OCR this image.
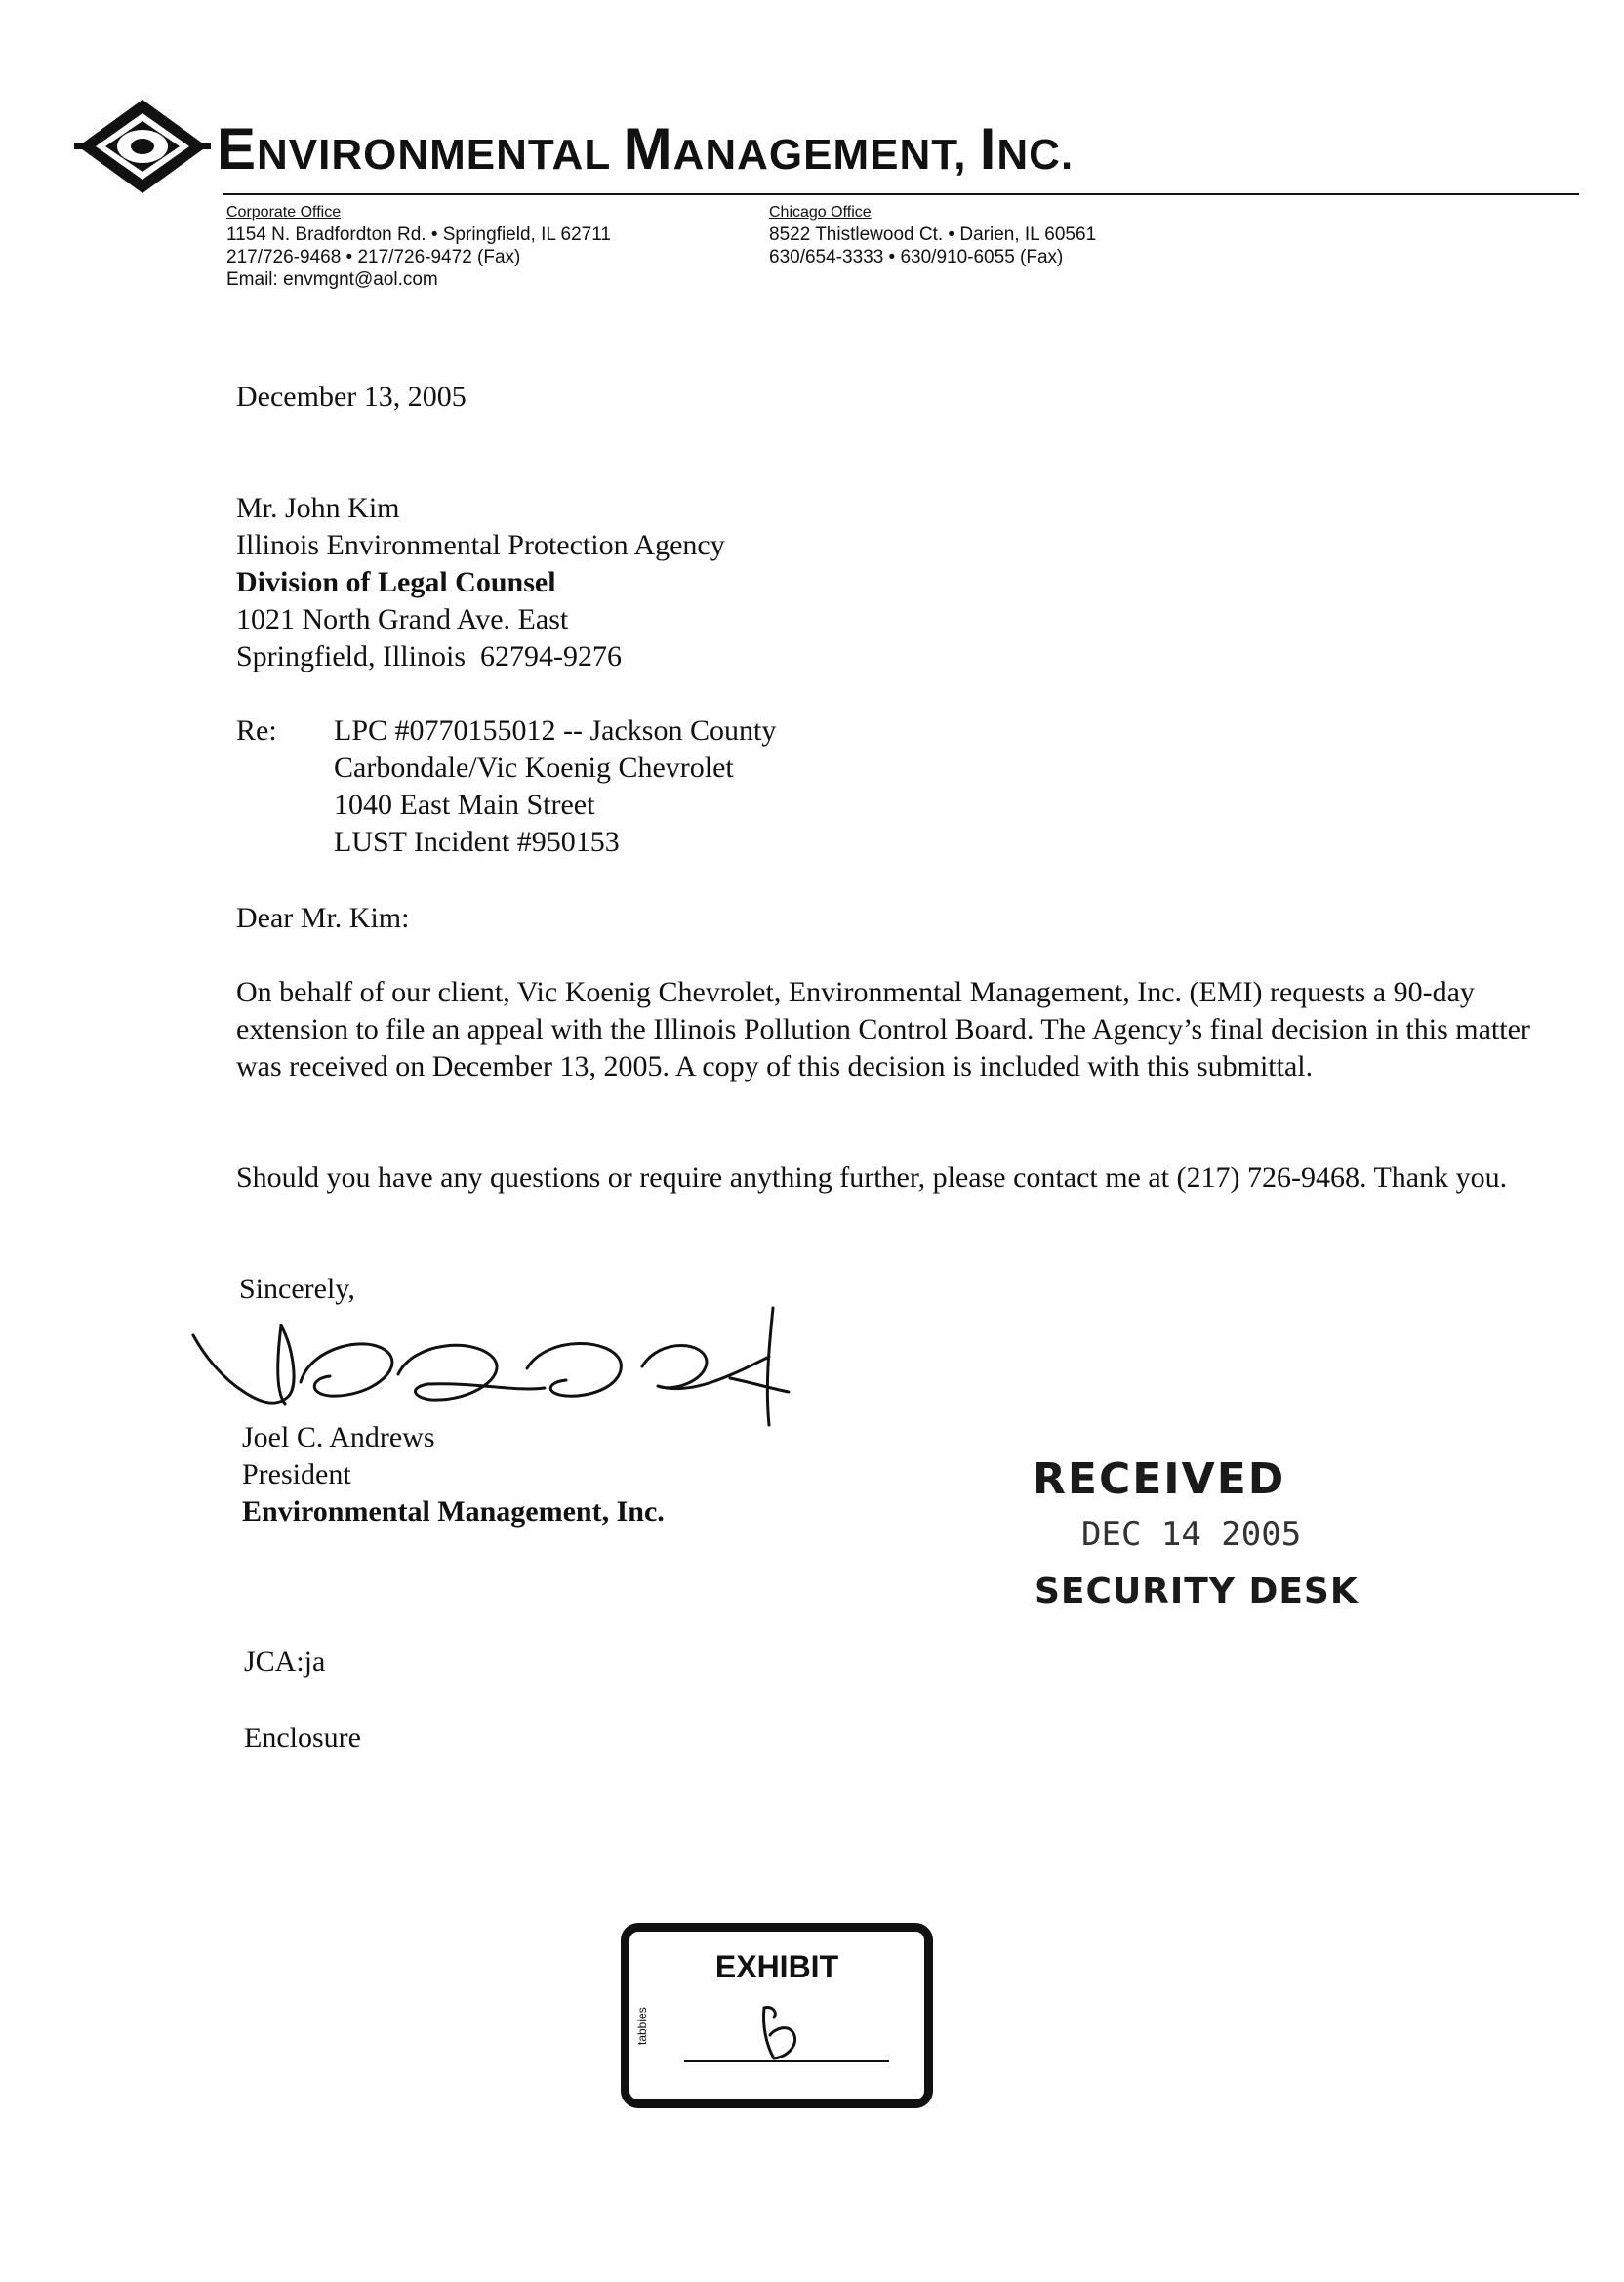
ENVIRONMENTAL MANAGEMENT, INC.
Corporate Office
1154 N. Bradfordton Rd. • Springfield, IL 62711
217/726-9468 • 217/726-9472 (Fax)
Email: envmgnt@aol.com
Chicago Office
8522 Thistlewood Ct. • Darien, IL 60561
630/654-3333 • 630/910-6055 (Fax)
December 13, 2005
Mr. John Kim
Illinois Environmental Protection Agency
Division of Legal Counsel
1021 North Grand Ave. East
Springfield, Illinois  62794-9276
Re: LPC #0770155012 -- Jackson County
Carbondale/Vic Koenig Chevrolet
1040 East Main Street
LUST Incident #950153
Dear Mr. Kim:
On behalf of our client, Vic Koenig Chevrolet, Environmental Management, Inc. (EMI) requests a 90-day extension to file an appeal with the Illinois Pollution Control Board. The Agency’s final decision in this matter was received on December 13, 2005. A copy of this decision is included with this submittal.
Should you have any questions or require anything further, please contact me at (217) 726-9468. Thank you.
Sincerely,
Joel C. Andrews
President
Environmental Management, Inc.
JCA:ja
Enclosure
RECEIVED
DEC 14 2005
SECURITY DESK
EXHIBIT
tabbies
